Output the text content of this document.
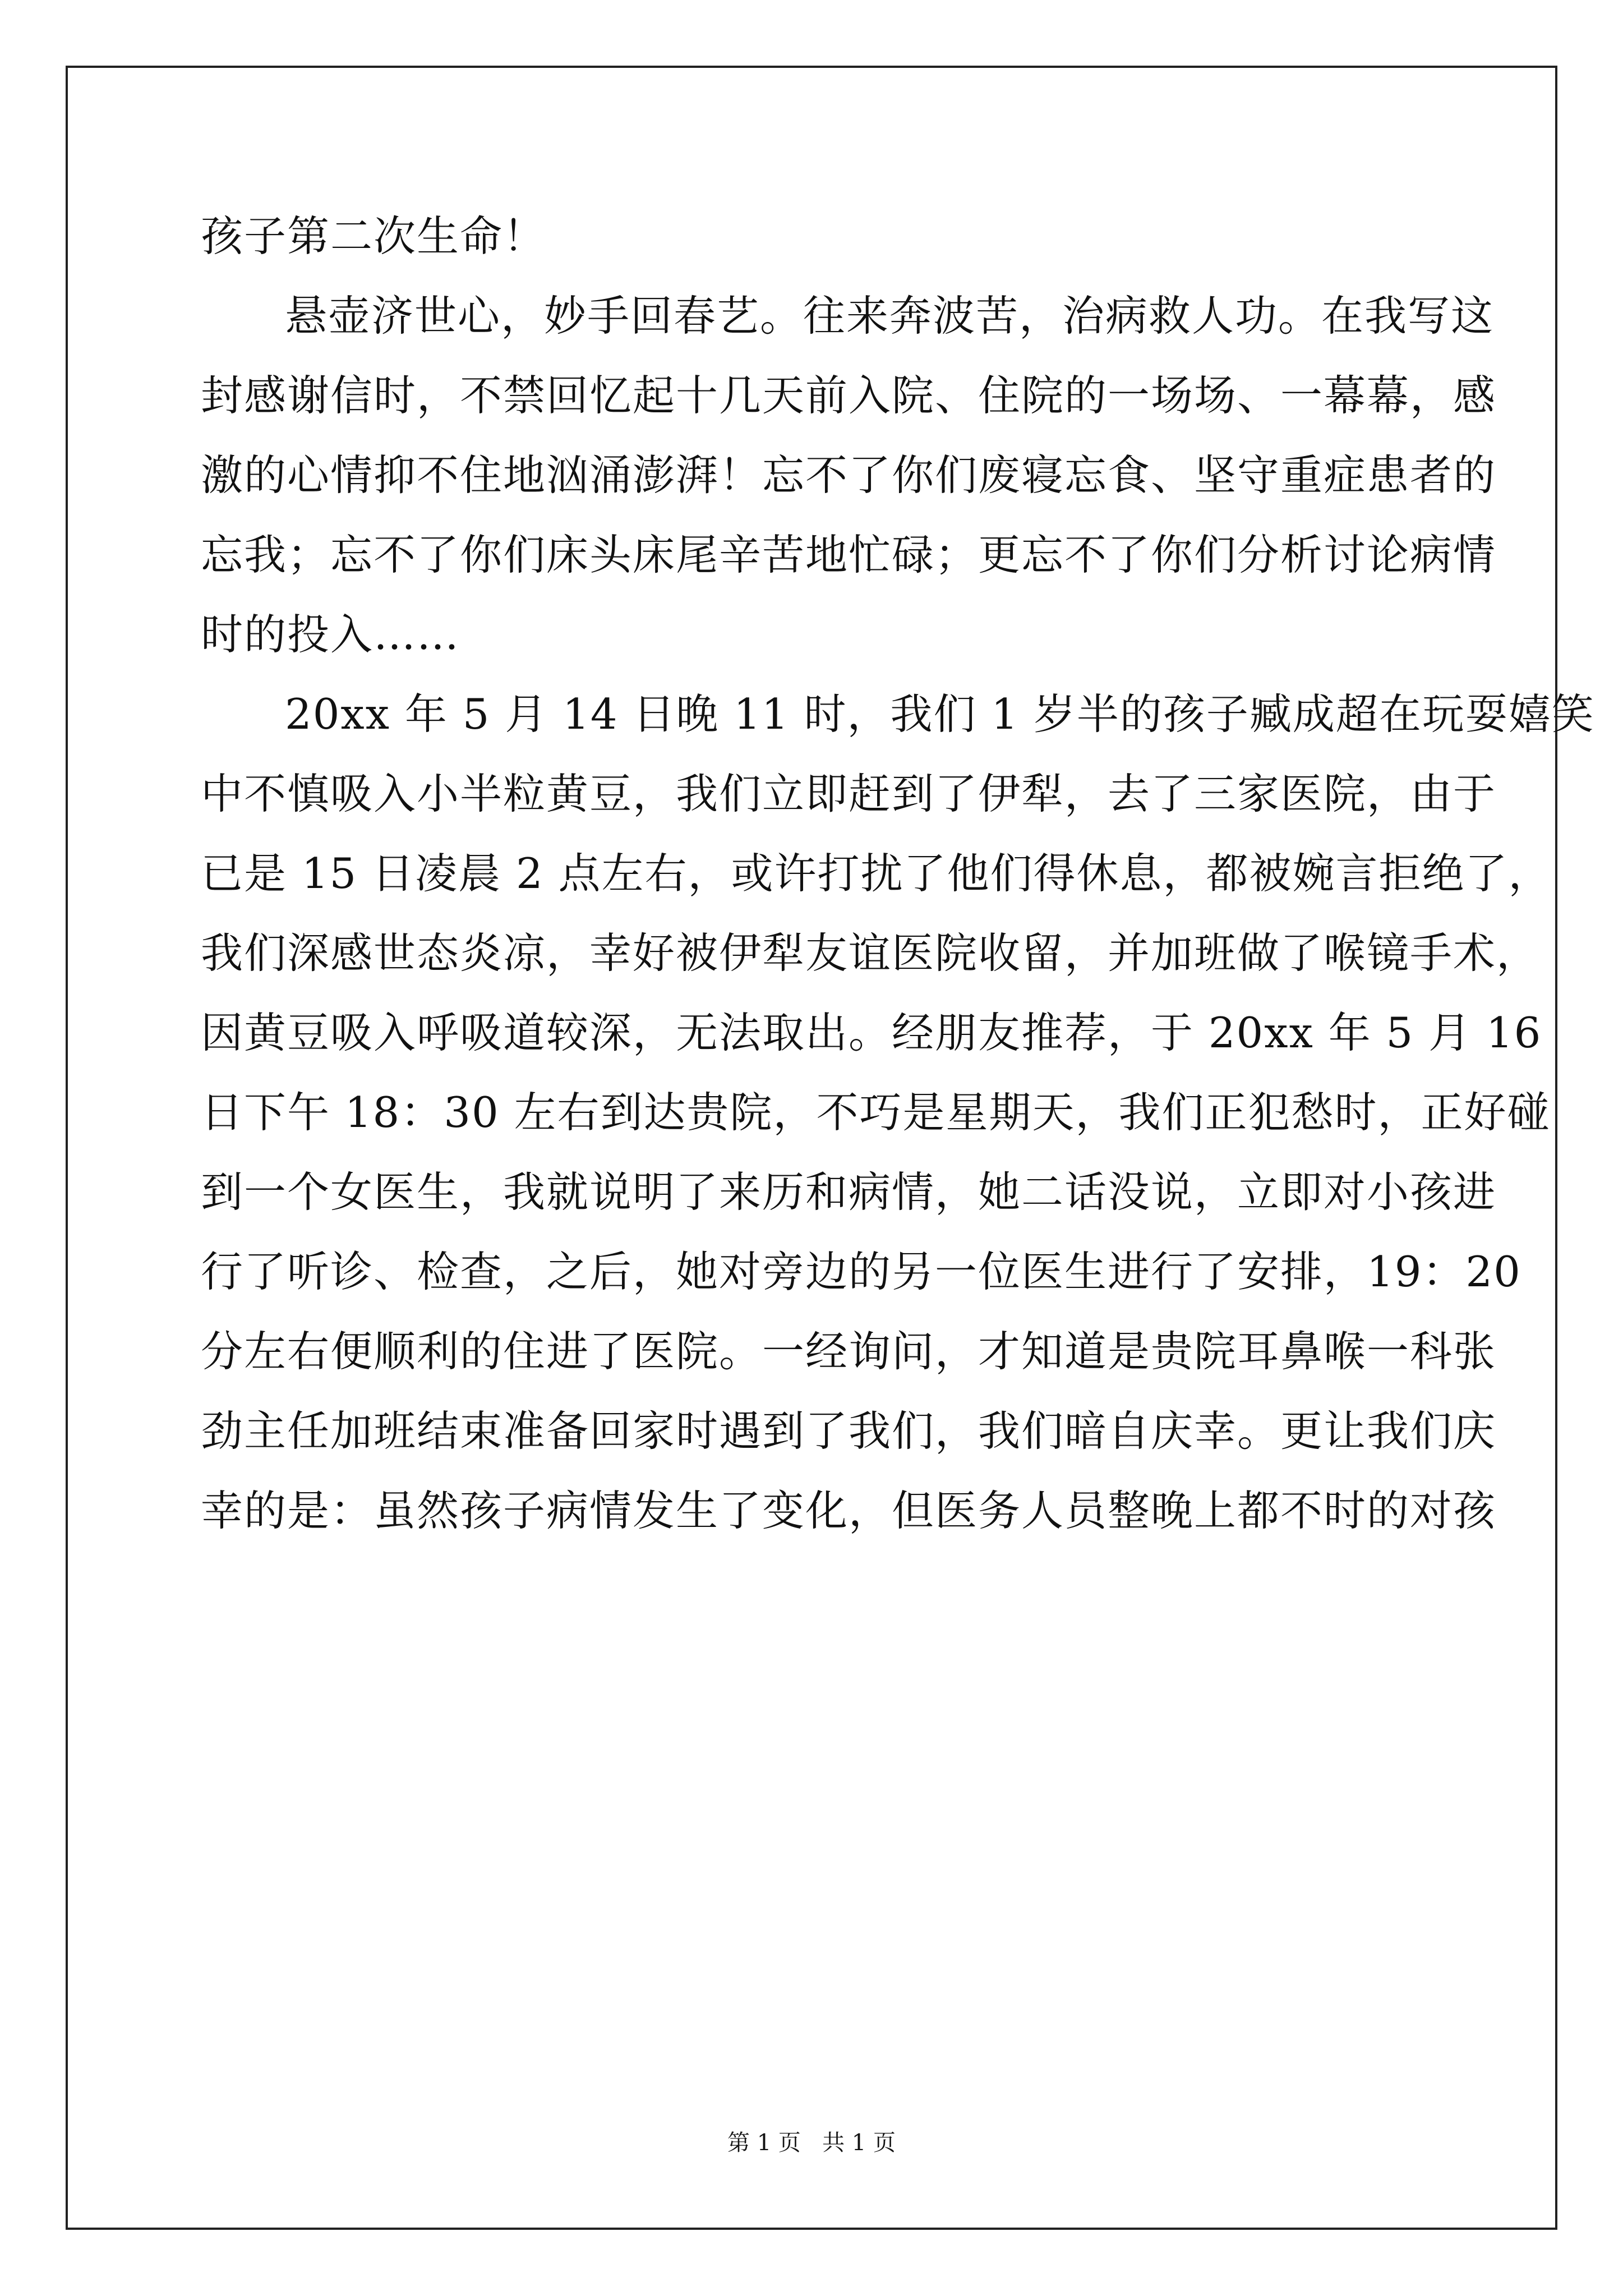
孩子第二次生命！
悬壶济世心，妙手回春艺。往来奔波苦，治病救人功。在我写这
封感谢信时，不禁回忆起十几天前入院、住院的一场场、一幕幕，感
激的心情抑不住地汹涌澎湃！忘不了你们废寝忘食、坚守重症患者的
忘我；忘不了你们床头床尾辛苦地忙碌；更忘不了你们分析讨论病情
时的投入……
20xx 年 5 月 14 日晚 11 时，我们 1 岁半的孩子臧成超在玩耍嬉笑
中不慎吸入小半粒黄豆，我们立即赶到了伊犁，去了三家医院，由于
已是 15 日凌晨 2 点左右，或许打扰了他们得休息，都被婉言拒绝了，
我们深感世态炎凉，幸好被伊犁友谊医院收留，并加班做了喉镜手术，
因黄豆吸入呼吸道较深，无法取出。经朋友推荐，于 20xx 年 5 月 16
日下午 18：30 左右到达贵院，不巧是星期天，我们正犯愁时，正好碰
到一个女医生，我就说明了来历和病情，她二话没说，立即对小孩进
行了听诊、检查，之后，她对旁边的另一位医生进行了安排，19：20
分左右便顺利的住进了医院。一经询问，才知道是贵院耳鼻喉一科张
劲主任加班结束准备回家时遇到了我们，我们暗自庆幸。更让我们庆
幸的是：虽然孩子病情发生了变化，但医务人员整晚上都不时的对孩
第 1 页   共 1 页
